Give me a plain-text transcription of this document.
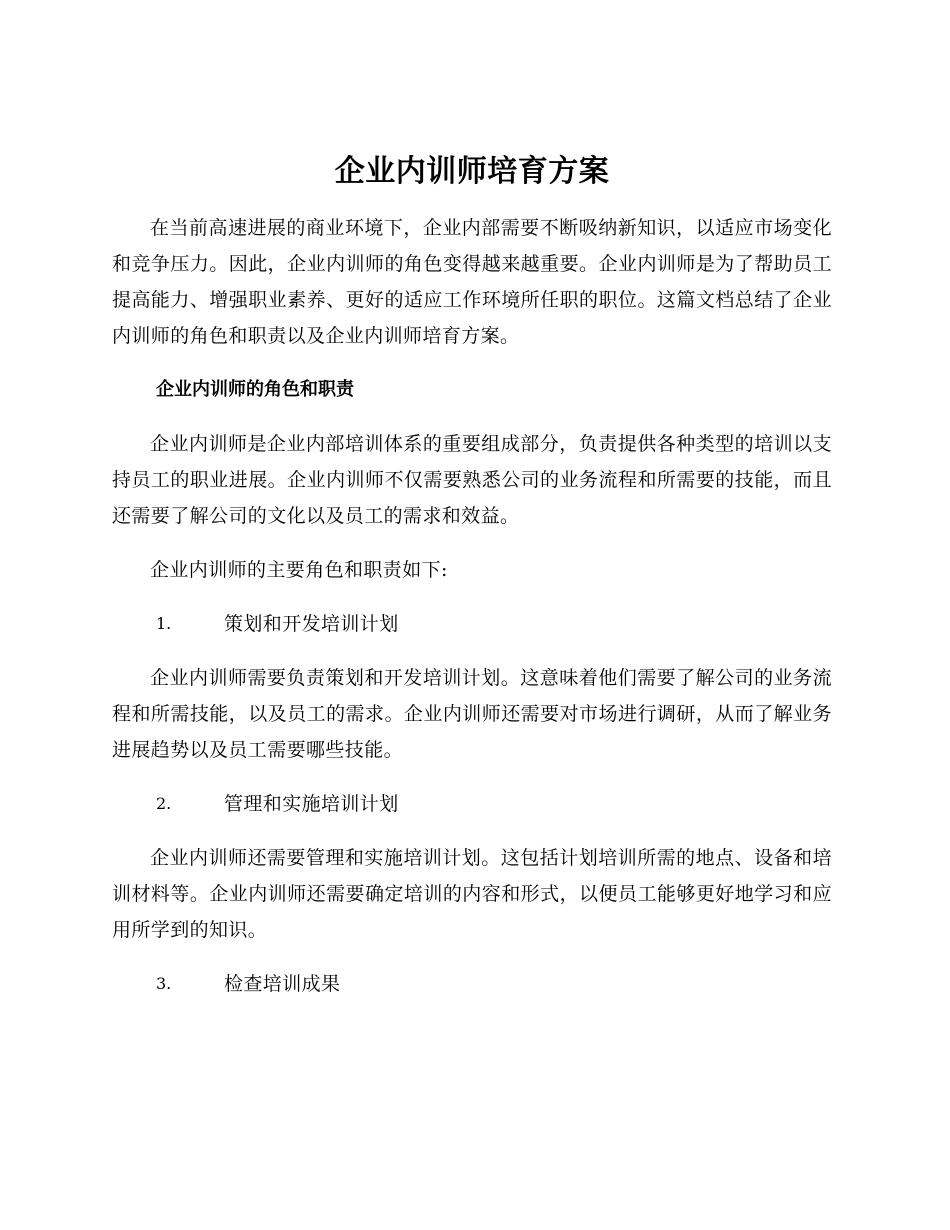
企业内训师培育方案

在当前高速进展的商业环境下，企业内部需要不断吸纳新知识，以适应市场变化和竞争压力。因此，企业内训师的角色变得越来越重要。企业内训师是为了帮助员工提高能力、增强职业素养、更好的适应工作环境所任职的职位。这篇文档总结了企业内训师的角色和职责以及企业内训师培育方案。

企业内训师的角色和职责

企业内训师是企业内部培训体系的重要组成部分，负责提供各种类型的培训以支持员工的职业进展。企业内训师不仅需要熟悉公司的业务流程和所需要的技能，而且还需要了解公司的文化以及员工的需求和效益。

企业内训师的主要角色和职责如下:

1.	策划和开发培训计划

企业内训师需要负责策划和开发培训计划。这意味着他们需要了解公司的业务流程和所需技能，以及员工的需求。企业内训师还需要对市场进行调研，从而了解业务进展趋势以及员工需要哪些技能。

2.	管理和实施培训计划

企业内训师还需要管理和实施培训计划。这包括计划培训所需的地点、设备和培训材料等。企业内训师还需要确定培训的内容和形式，以便员工能够更好地学习和应用所学到的知识。

3.	检查培训成果
